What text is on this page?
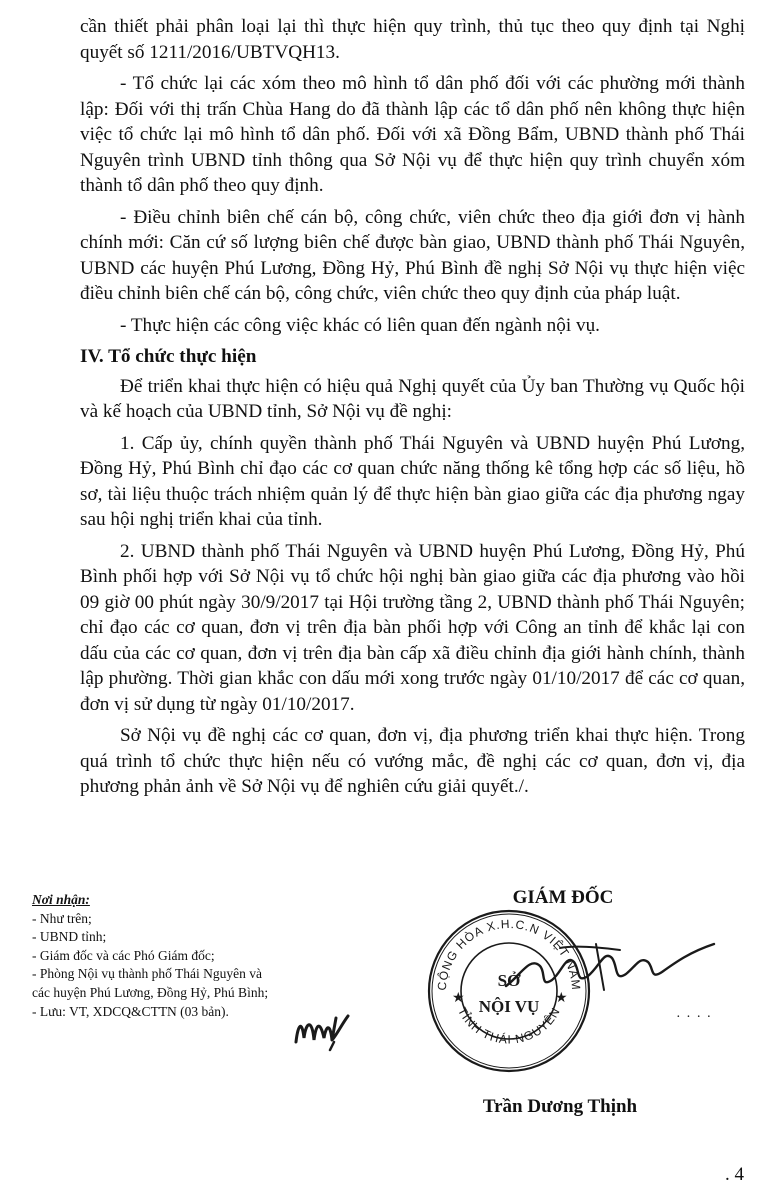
cần thiết phải phân loại lại thì thực hiện quy trình, thủ tục theo quy định tại Nghị quyết số 1211/2016/UBTVQH13.

- Tổ chức lại các xóm theo mô hình tổ dân phố đối với các phường mới thành lập: Đối với thị trấn Chùa Hang do đã thành lập các tổ dân phố nên không thực hiện việc tổ chức lại mô hình tổ dân phố. Đối với xã Đồng Bẩm, UBND thành phố Thái Nguyên trình UBND tỉnh thông qua Sở Nội vụ để thực hiện quy trình chuyển xóm thành tổ dân phố theo quy định.

- Điều chỉnh biên chế cán bộ, công chức, viên chức theo địa giới đơn vị hành chính mới: Căn cứ số lượng biên chế được bàn giao, UBND thành phố Thái Nguyên, UBND các huyện Phú Lương, Đồng Hỷ, Phú Bình đề nghị Sở Nội vụ thực hiện việc điều chỉnh biên chế cán bộ, công chức, viên chức theo quy định của pháp luật.

- Thực hiện các công việc khác có liên quan đến ngành nội vụ.

IV. Tổ chức thực hiện

Để triển khai thực hiện có hiệu quả Nghị quyết của Ủy ban Thường vụ Quốc hội và kế hoạch của UBND tỉnh, Sở Nội vụ đề nghị:

1. Cấp ủy, chính quyền thành phố Thái Nguyên và UBND huyện Phú Lương, Đồng Hỷ, Phú Bình chỉ đạo các cơ quan chức năng thống kê tổng hợp các số liệu, hồ sơ, tài liệu thuộc trách nhiệm quản lý để thực hiện bàn giao giữa các địa phương ngay sau hội nghị triển khai của tỉnh.

2. UBND thành phố Thái Nguyên và UBND huyện Phú Lương, Đồng Hỷ, Phú Bình phối hợp với Sở Nội vụ tổ chức hội nghị bàn giao giữa các địa phương vào hồi 09 giờ 00 phút ngày 30/9/2017 tại Hội trường tầng 2, UBND thành phố Thái Nguyên; chỉ đạo các cơ quan, đơn vị trên địa bàn phối hợp với Công an tỉnh để khắc lại con dấu của các cơ quan, đơn vị trên địa bàn cấp xã điều chỉnh địa giới hành chính, thành lập phường. Thời gian khắc con dấu mới xong trước ngày 01/10/2017 để các cơ quan, đơn vị sử dụng từ ngày 01/10/2017.

Sở Nội vụ đề nghị các cơ quan, đơn vị, địa phương triển khai thực hiện. Trong quá trình tổ chức thực hiện nếu có vướng mắc, đề nghị các cơ quan, đơn vị, địa phương phản ảnh về Sở Nội vụ để nghiên cứu giải quyết./.

Nơi nhận:
- Như trên;
- UBND tỉnh;
- Giám đốc và các Phó Giám đốc;
- Phòng Nội vụ thành phố Thái Nguyên và
các huyện Phú Lương, Đồng Hỷ, Phú Bình;
- Lưu: VT, XDCQ&CTTN (03 bản).
GIÁM ĐỐC
CỘNG HÒA X.H.C.N VIỆT NAM
TỈNH THÁI NGUYÊN
★	★
SỞ
NỘI VỤ
· · · ·
Trần Dương Thịnh
. 4
